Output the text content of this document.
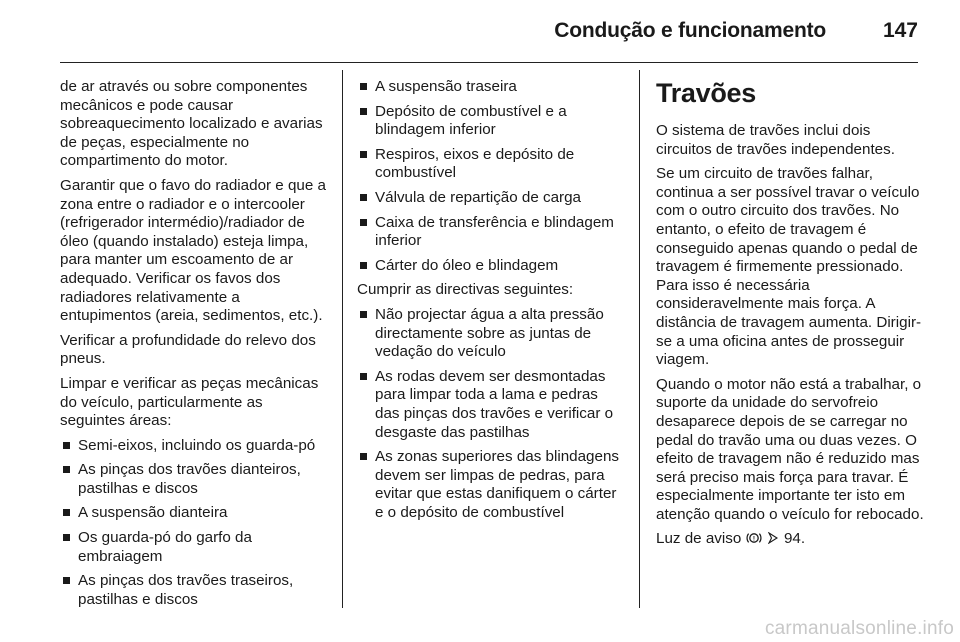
Condução e funcionamento	147

de ar através ou sobre componentes mecânicos e pode causar sobreaquecimento localizado e avarias de peças, especialmente no compartimento do motor.

Garantir que o favo do radiador e que a zona entre o radiador e o intercooler (refrigerador intermédio)/radiador de óleo (quando instalado) esteja limpa, para manter um escoamento de ar adequado. Verificar os favos dos radiadores relativamente a entupimentos (areia, sedimentos, etc.).

Verificar a profundidade do relevo dos pneus.

Limpar e verificar as peças mecânicas do veículo, particularmente as seguintes áreas:

Semi-eixos, incluindo os guarda-pó
As pinças dos travões dianteiros, pastilhas e discos
A suspensão dianteira
Os guarda-pó do garfo da embraiagem
As pinças dos travões traseiros, pastilhas e discos
A suspensão traseira
Depósito de combustível e a blindagem inferior
Respiros, eixos e depósito de combustível
Válvula de repartição de carga
Caixa de transferência e blindagem inferior
Cárter do óleo e blindagem

Cumprir as directivas seguintes:

Não projectar água a alta pressão directamente sobre as juntas de vedação do veículo
As rodas devem ser desmontadas para limpar toda a lama e pedras das pinças dos travões e verificar o desgaste das pastilhas
As zonas superiores das blindagens devem ser limpas de pedras, para evitar que estas danifiquem o cárter e o depósito de combustível
Travões

O sistema de travões inclui dois circuitos de travões independentes.

Se um circuito de travões falhar, continua a ser possível travar o veículo com o outro circuito dos travões. No entanto, o efeito de travagem é conseguido apenas quando o pedal de travagem é firmemente pressionado. Para isso é necessária consideravelmente mais força. A distância de travagem aumenta. Dirigir-se a uma oficina antes de prosseguir viagem.

Quando o motor não está a trabalhar, o suporte da unidade do servofreio desaparece depois de se carregar no pedal do travão uma ou duas vezes. O efeito de travagem não é reduzido mas será preciso mais força para travar. É especialmente importante ter isto em atenção quando o veículo for rebocado.

Luz de aviso ! 94.

carmanualsonline.info
